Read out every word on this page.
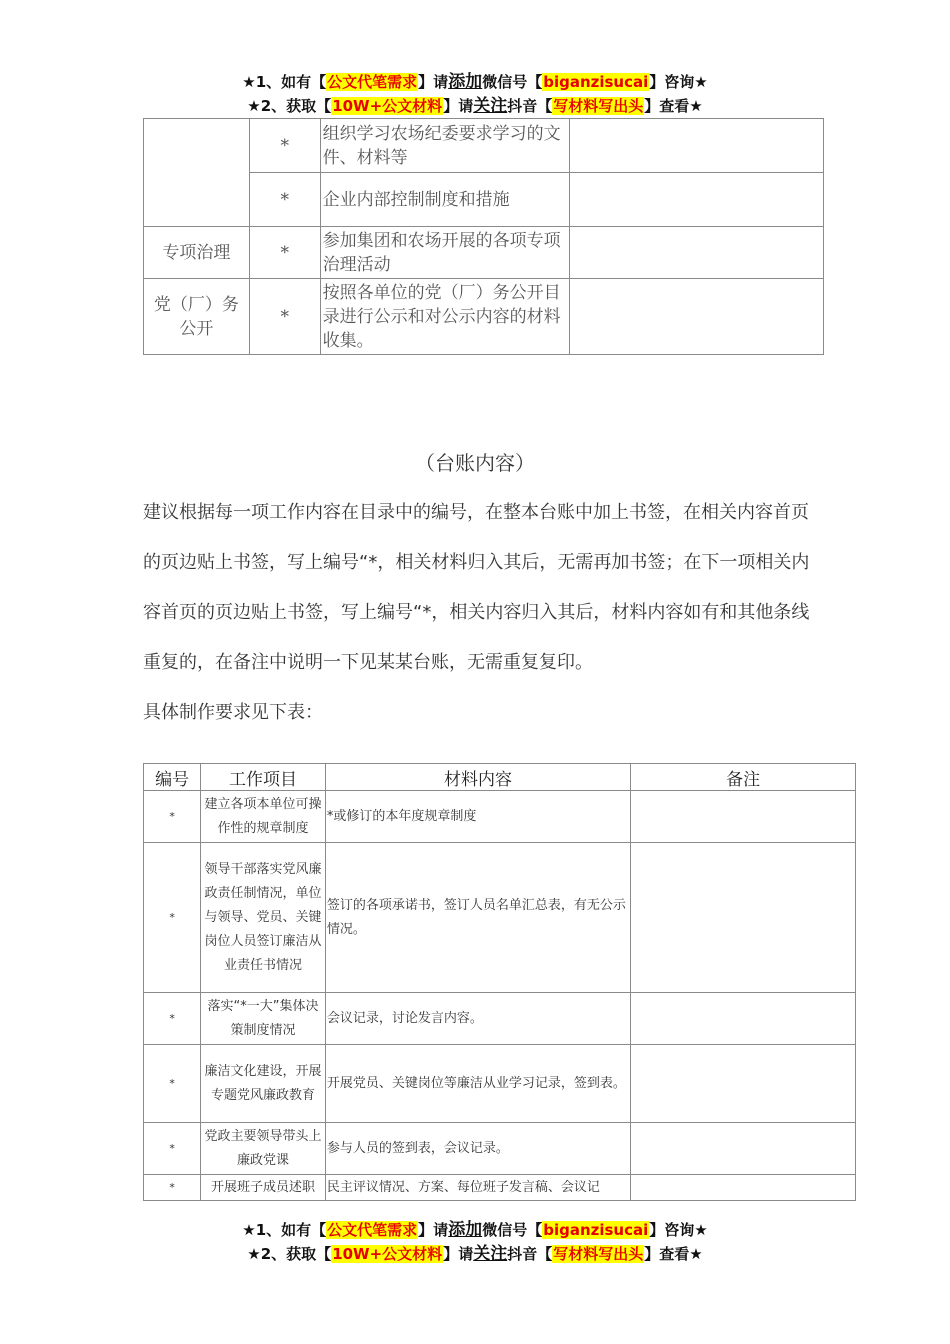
★1、如有【公文代笔需求】请添加微信号【biganzisucai】咨询★
★2、获取【10W+公文材料】请关注抖音【写材料写出头】查看★
	*	组织学习农场纪委要求学习的文件、材料等	
	*	企业内部控制制度和措施	
专项治理	*	参加集团和农场开展的各项专项治理活动	
党（厂）务公开	*	按照各单位的党（厂）务公开目录进行公示和对公示内容的材料收集。	
（台账内容）

建议根据每一项工作内容在目录中的编号，在整本台账中加上书签，在相关内容首页的页边贴上书签，写上编号“*，相关材料归入其后，无需再加书签；在下一项相关内容首页的页边贴上书签，写上编号“*，相关内容归入其后，材料内容如有和其他条线重复的，在备注中说明一下见某某台账，无需重复复印。

具体制作要求见下表：

编号	工作项目	材料内容	备注
*	建立各项本单位可操作性的规章制度	*或修订的本年度规章制度	
*	领导干部落实党风廉政责任制情况，单位与领导、党员、关键岗位人员签订廉洁从业责任书情况	签订的各项承诺书，签订人员名单汇总表，有无公示情况。	
*	落实“*一大”集体决策制度情况	会议记录，讨论发言内容。	
*	廉洁文化建设，开展专题党风廉政教育	开展党员、关键岗位等廉洁从业学习记录，签到表。	
*	党政主要领导带头上廉政党课	参与人员的签到表，会议记录。	
*	开展班子成员述职	民主评议情况、方案、每位班子发言稿、会议记	
★1、如有【公文代笔需求】请添加微信号【biganzisucai】咨询★
★2、获取【10W+公文材料】请关注抖音【写材料写出头】查看★
